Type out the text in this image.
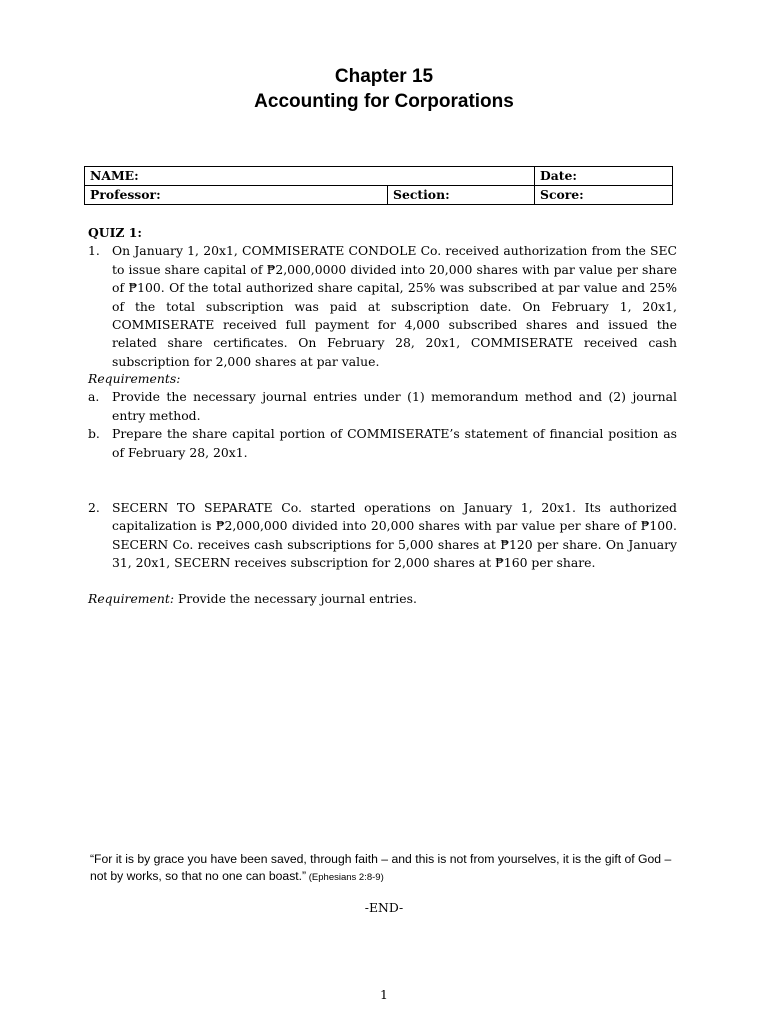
Chapter 15
Accounting for Corporations
NAME:		Date:
Professor:	Section:	Score:
QUIZ 1:
1. On January 1, 20x1, COMMISERATE CONDOLE Co. received authorization from the SEC to issue share capital of ₱2,000,0000 divided into 20,000 shares with par value per share of ₱100. Of the total authorized share capital, 25% was subscribed at par value and 25% of the total subscription was paid at subscription date. On February 1, 20x1, COMMISERATE received full payment for 4,000 subscribed shares and issued the related share certificates. On February 28, 20x1, COMMISERATE received cash subscription for 2,000 shares at par value.
Requirements:
a.	Provide the necessary journal entries under (1) memorandum method and (2) journal entry method.
b. Prepare the share capital portion of COMMISERATE’s statement of financial position as of February 28, 20x1.
2. SECERN TO SEPARATE Co. started operations on January 1, 20x1. Its authorized capitalization is ₱2,000,000 divided into 20,000 shares with par value per share of ₱100. SECERN Co. receives cash subscriptions for 5,000 shares at ₱120 per share. On January 31, 20x1, SECERN receives subscription for 2,000 shares at ₱160 per share.
Requirement: Provide the necessary journal entries.
“For it is by grace you have been saved, through faith – and this is not from yourselves, it is the gift of God – not by works, so that no one can boast.” (Ephesians 2:8-9)
-END-
1
